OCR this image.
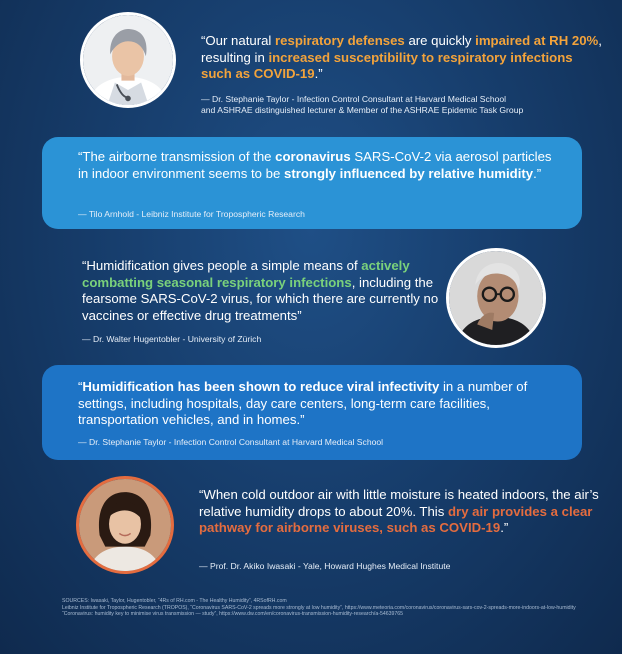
“Our natural respiratory defenses are quickly impaired at RH 20%, resulting in increased susceptibility to respiratory infections such as COVID-19.”
— Dr. Stephanie Taylor - Infection Control Consultant at Harvard Medical School
and ASHRAE distinguished lecturer & Member of the ASHRAE Epidemic Task Group
“The airborne transmission of the coronavirus SARS-CoV-2 via aerosol particles in indoor environment seems to be strongly influenced by relative humidity.”
— Tilo Arnhold - Leibniz Institute for Tropospheric Research
“Humidification gives people a simple means of actively combatting seasonal respiratory infections, including the fearsome SARS-CoV-2 virus, for which there are currently no vaccines or effective drug treatments”
— Dr. Walter Hugentobler - University of Zürich
“Humidification has been shown to reduce viral infectivity in a number of settings, including hospitals, day care centers, long-term care facilities, transportation vehicles, and in homes.”
— Dr. Stephanie Taylor - Infection Control Consultant at Harvard Medical School
“When cold outdoor air with little moisture is heated indoors, the air’s relative humidity drops to about 20%. This dry air provides a clear pathway for airborne viruses, such as COVID-19.”
— Prof. Dr. Akiko Iwasaki - Yale, Howard Hughes Medical Institute
SOURCES: Iwasaki, Taylor, Hugentobler, “4Rs of RH.com - The Healthy Humidity”, 4RSofRH.com
Leibniz Institute for Tropospheric Research (TROPOS), “Coronavirus SARS-CoV-2 spreads more strongly at low humidity”, https://www.meteoria.com/coronavirus/coronavirus-sars-cov-2-spreads-more-indoors-at-low-humidity
“Coronavirus: humidity key to minimise virus transmission — study”, https://www.dw.com/en/coronavirus-transmission-humidity-research/a-54639765
